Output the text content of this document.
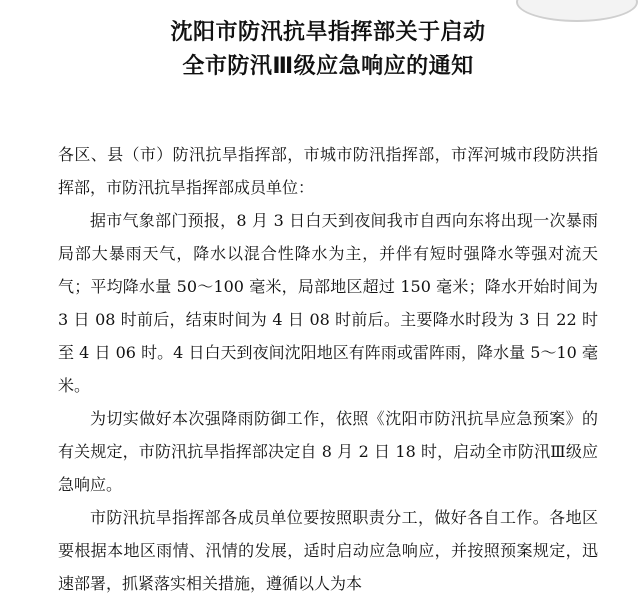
沈阳市防汛抗旱指挥部关于启动
全市防汛Ⅲ级应急响应的通知

各区、县（市）防汛抗旱指挥部，市城市防汛指挥部，市浑河城市段防洪指挥部，市防汛抗旱指挥部成员单位：

据市气象部门预报，8 月 3 日白天到夜间我市自西向东将出现一次暴雨局部大暴雨天气，降水以混合性降水为主，并伴有短时强降水等强对流天气；平均降水量 50～100 毫米，局部地区超过 150 毫米；降水开始时间为 3 日 08 时前后，结束时间为 4 日 08 时前后。主要降水时段为 3 日 22 时至 4 日 06 时。4 日白天到夜间沈阳地区有阵雨或雷阵雨，降水量 5～10 毫米。

为切实做好本次强降雨防御工作，依照《沈阳市防汛抗旱应急预案》的有关规定，市防汛抗旱指挥部决定自 8 月 2 日 18 时，启动全市防汛Ⅲ级应急响应。

市防汛抗旱指挥部各成员单位要按照职责分工，做好各自工作。各地区要根据本地区雨情、汛情的发展，适时启动应急响应，并按照预案规定，迅速部署，抓紧落实相关措施，遵循以人为本
